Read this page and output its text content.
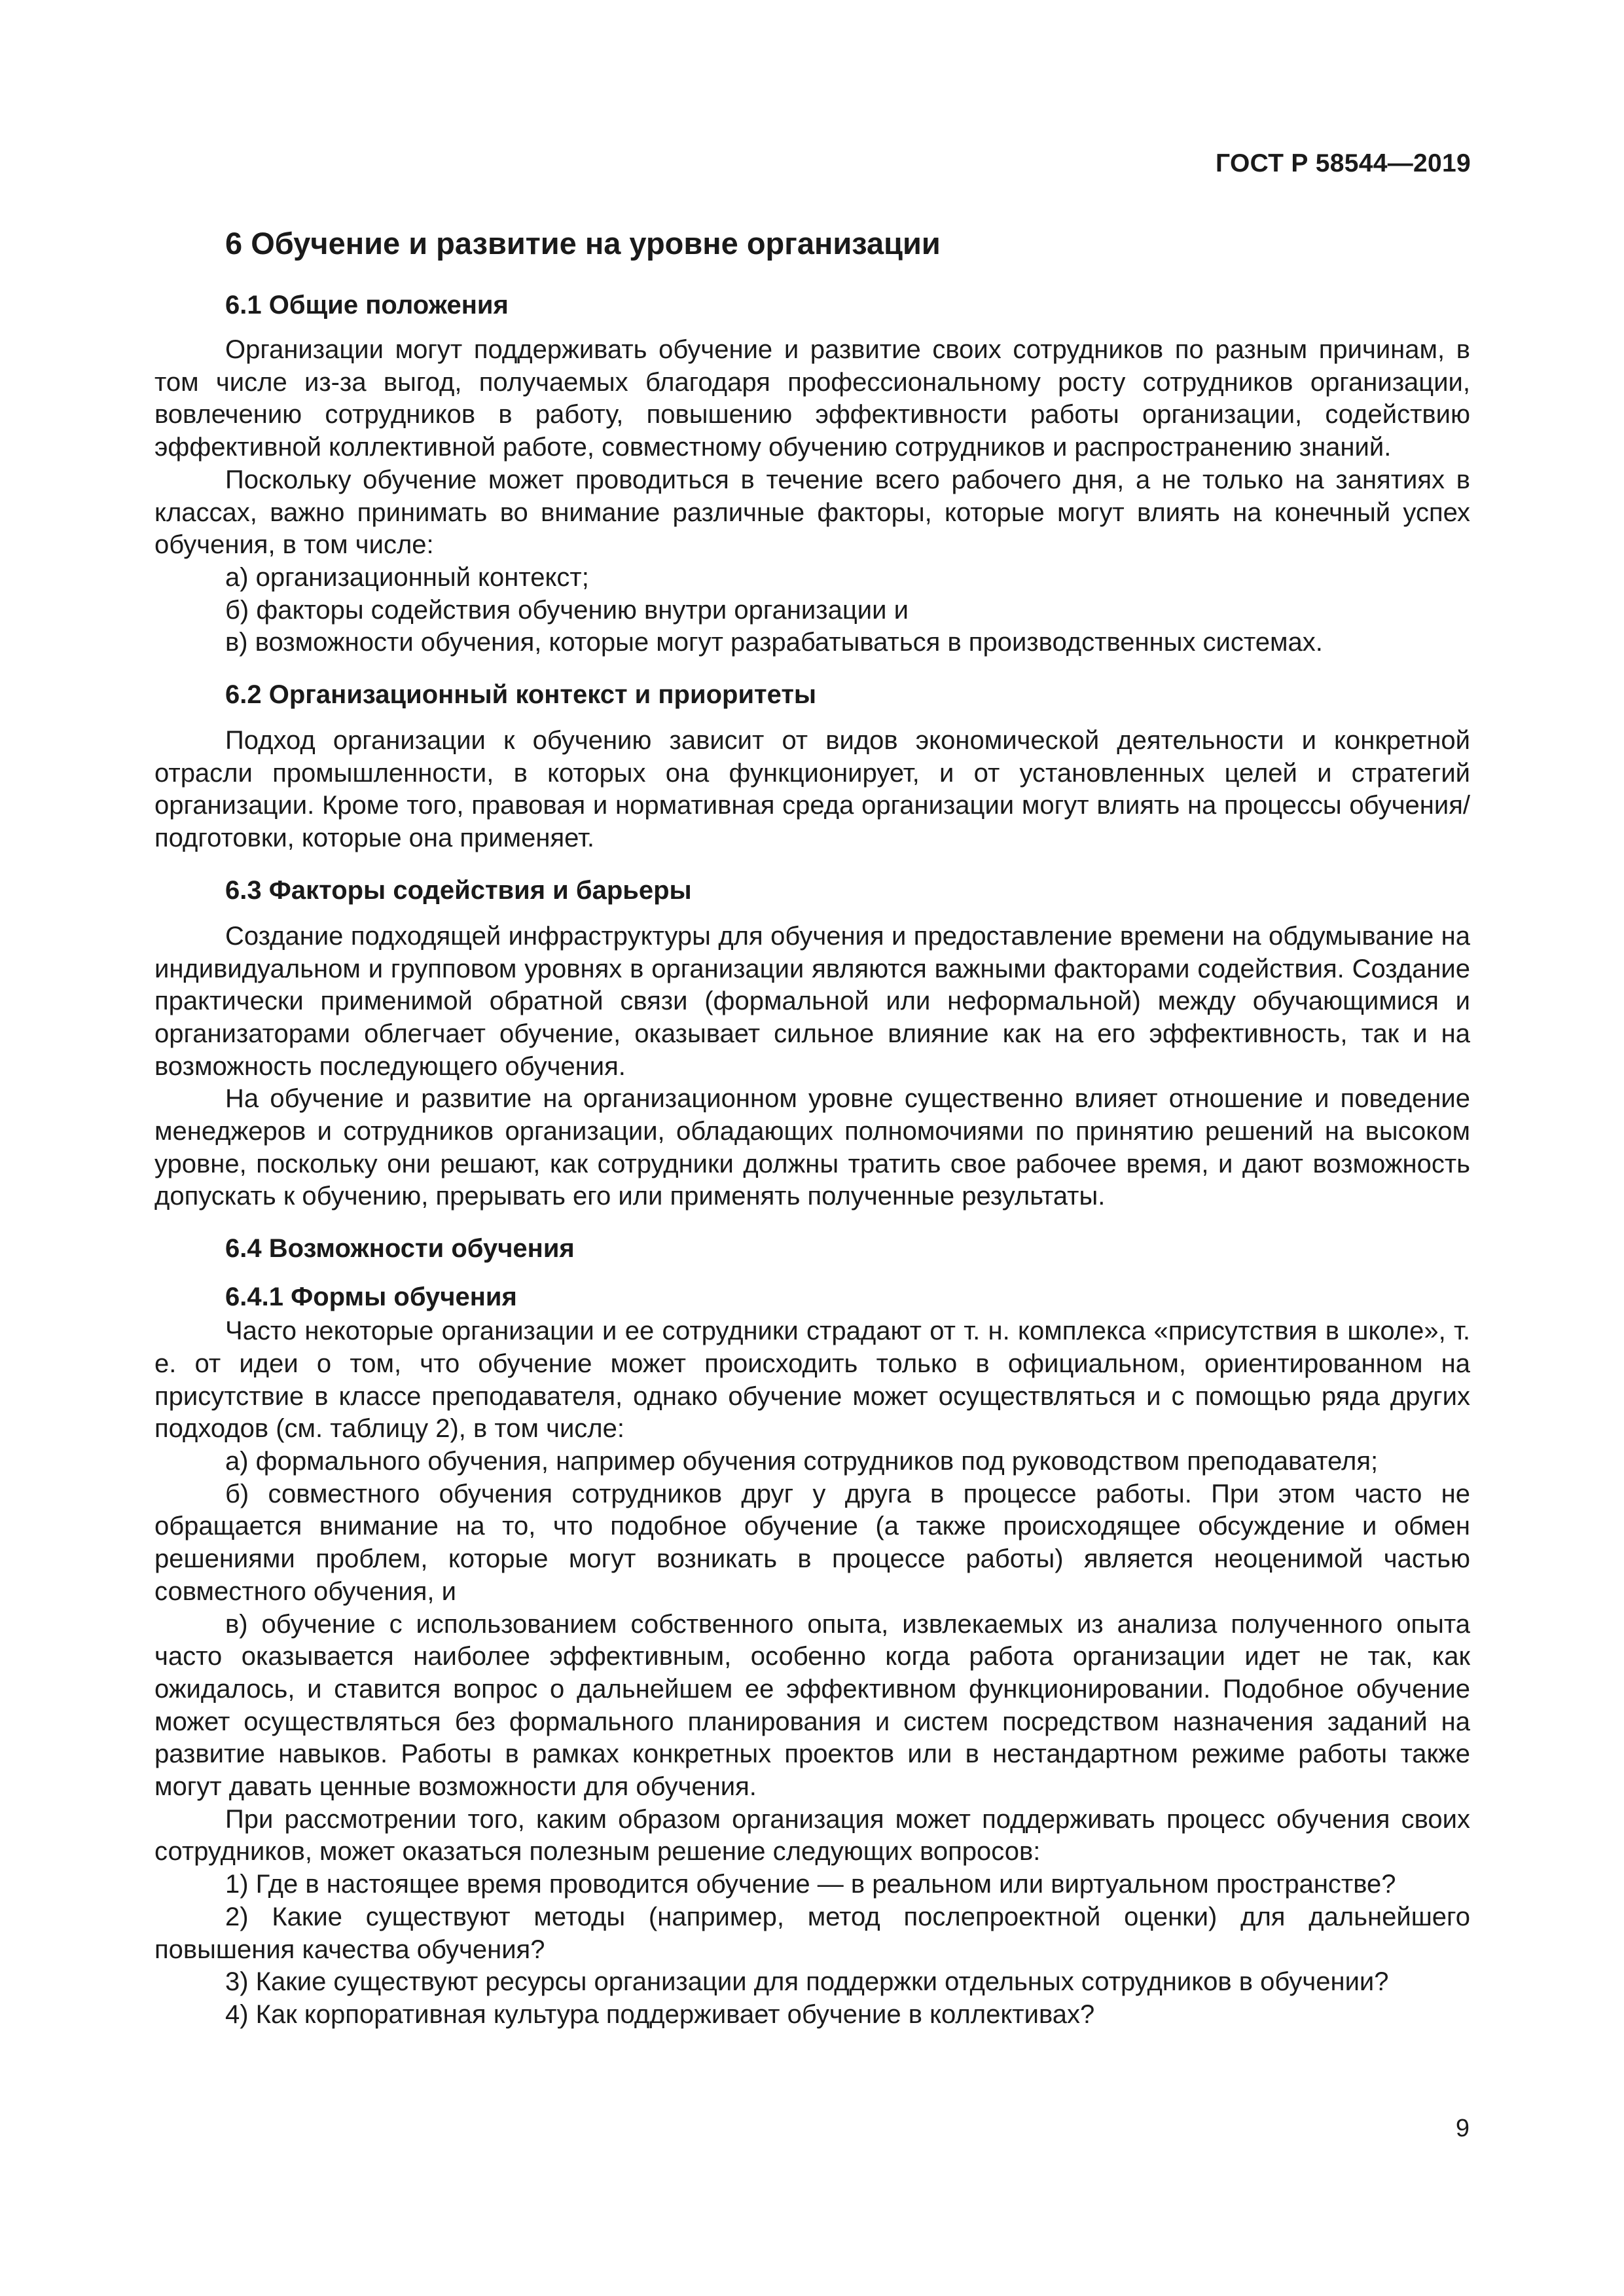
ГОСТ Р 58544—2019
6 Обучение и развитие на уровне организации
6.1 Общие положения

Организации могут поддерживать обучение и развитие своих сотрудников по разным причинам, в том числе из-за выгод, получаемых благодаря профессиональному росту сотрудников организации, вовлечению сотрудников в работу, повышению эффективности работы организации, содействию эффективной коллективной работе, совместному обучению сотрудников и распространению знаний.

Поскольку обучение может проводиться в течение всего рабочего дня, а не только на занятиях в классах, важно принимать во внимание различные факторы, которые могут влиять на конечный успех обучения, в том числе:

а) организационный контекст;

б) факторы содействия обучению внутри организации и

в) возможности обучения, которые могут разрабатываться в производственных системах.

6.2 Организационный контекст и приоритеты

Подход организации к обучению зависит от видов экономической деятельности и конкретной отрасли промышленности, в которых она функционирует, и от установленных целей и стратегий организации. Кроме того, правовая и нормативная среда организации могут влиять на процессы обучения/подготовки, которые она применяет.

6.3 Факторы содействия и барьеры

Создание подходящей инфраструктуры для обучения и предоставление времени на обдумывание на индивидуальном и групповом уровнях в организации являются важными факторами содействия. Создание практически применимой обратной связи (формальной или неформальной) между обучающимися и организаторами облегчает обучение, оказывает сильное влияние как на его эффективность, так и на возможность последующего обучения.

На обучение и развитие на организационном уровне существенно влияет отношение и поведение менеджеров и сотрудников организации, обладающих полномочиями по принятию решений на высоком уровне, поскольку они решают, как сотрудники должны тратить свое рабочее время, и дают возможность допускать к обучению, прерывать его или применять полученные результаты.

6.4 Возможности обучения
6.4.1 Формы обучения

Часто некоторые организации и ее сотрудники страдают от т. н. комплекса «присутствия в школе», т. е. от идеи о том, что обучение может происходить только в официальном, ориентированном на присутствие в классе преподавателя, однако обучение может осуществляться и с помощью ряда других подходов (см. таблицу 2), в том числе:

а) формального обучения, например обучения сотрудников под руководством преподавателя;

б) совместного обучения сотрудников друг у друга в процессе работы. При этом часто не обращается внимание на то, что подобное обучение (а также происходящее обсуждение и обмен решениями проблем, которые могут возникать в процессе работы) является неоценимой частью совместного обучения, и

в) обучение с использованием собственного опыта, извлекаемых из анализа полученного опыта часто оказывается наиболее эффективным, особенно когда работа организации идет не так, как ожидалось, и ставится вопрос о дальнейшем ее эффективном функционировании. Подобное обучение может осуществляться без формального планирования и систем посредством назначения заданий на развитие навыков. Работы в рамках конкретных проектов или в нестандартном режиме работы также могут давать ценные возможности для обучения.

При рассмотрении того, каким образом организация может поддерживать процесс обучения своих сотрудников, может оказаться полезным решение следующих вопросов:

1) Где в настоящее время проводится обучение — в реальном или виртуальном пространстве?

2) Какие существуют методы (например, метод послепроектной оценки) для дальнейшего повышения качества обучения?

3) Какие существуют ресурсы организации для поддержки отдельных сотрудников в обучении?

4) Как корпоративная культура поддерживает обучение в коллективах?

9
